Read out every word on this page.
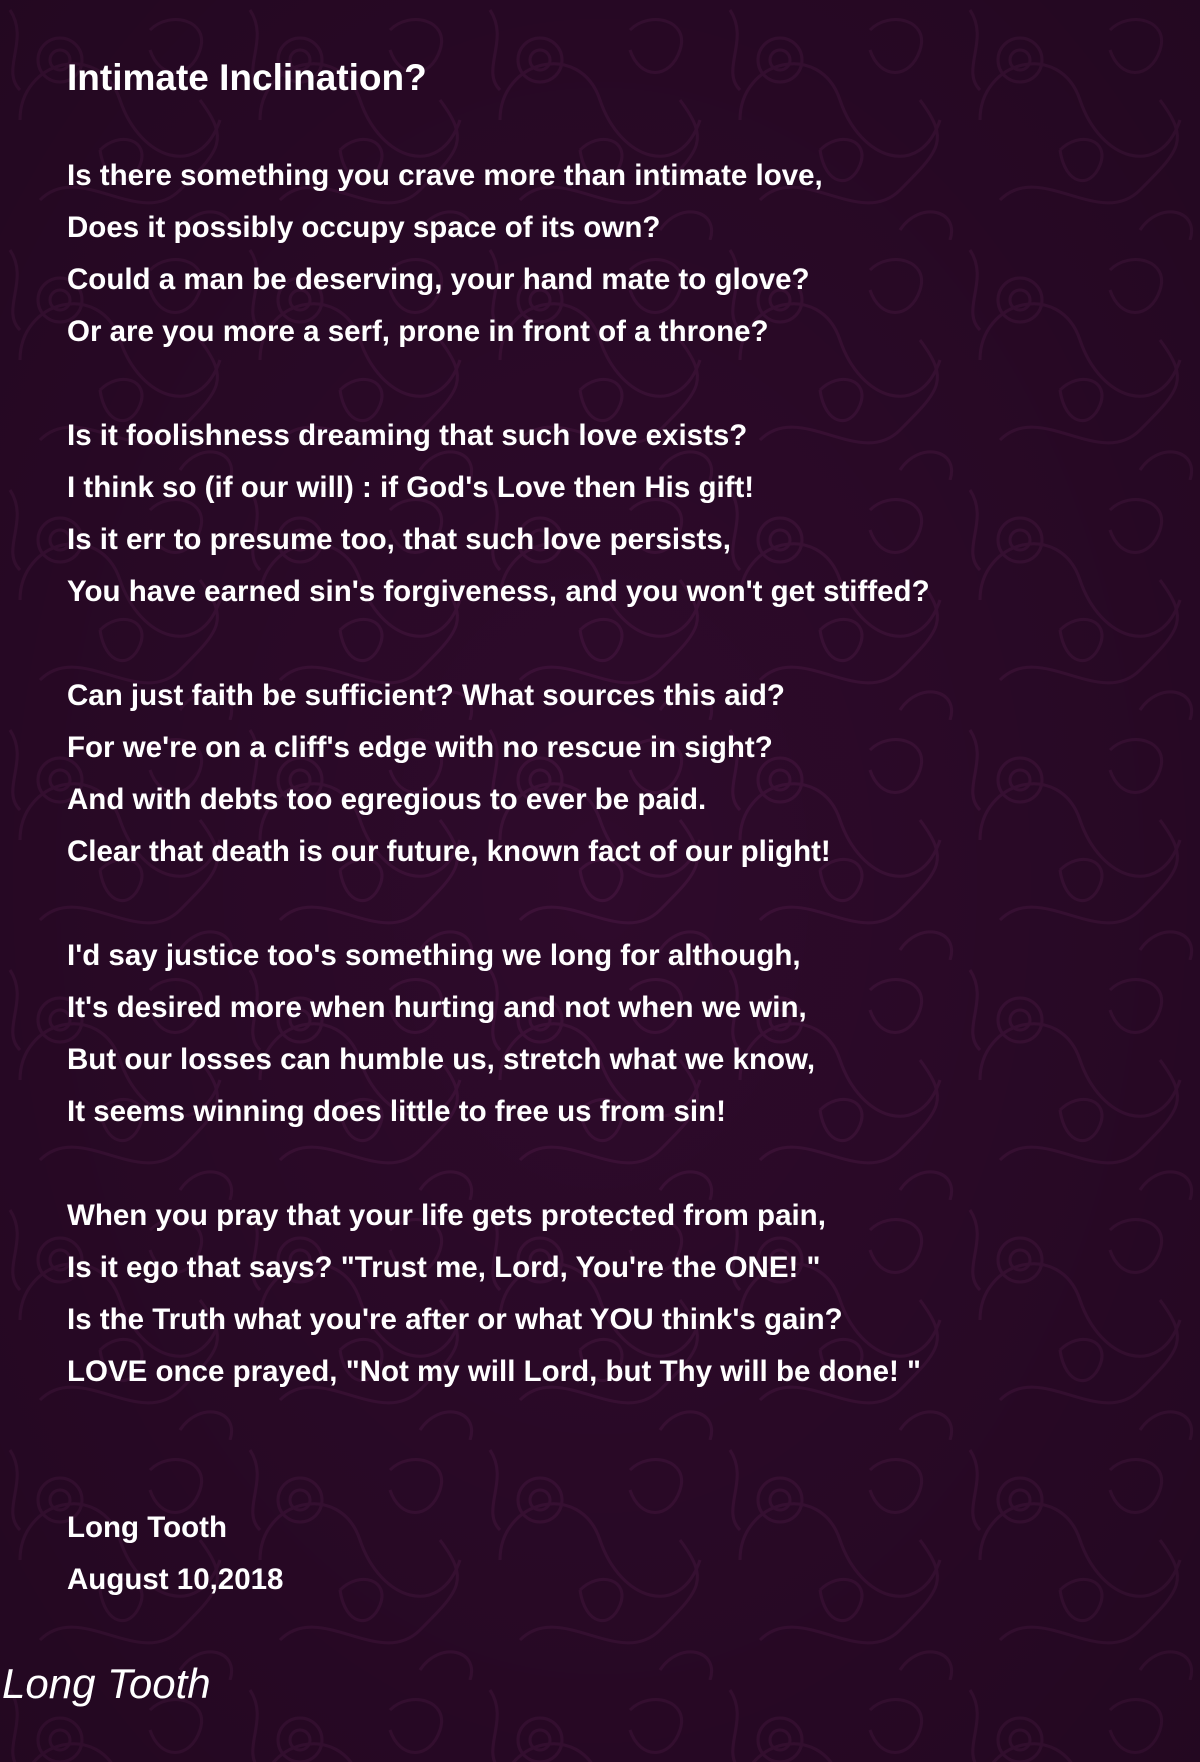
Intimate Inclination?
Is there something you crave more than intimate love,
Does it possibly occupy space of its own?
Could a man be deserving, your hand mate to glove?
Or are you more a serf, prone in front of a throne?
Is it foolishness dreaming that such love exists?
I think so (if our will) : if God's Love then His gift!
Is it err to presume too, that such love persists,
You have earned sin's forgiveness, and you won't get stiffed?
Can just faith be sufficient? What sources this aid?
For we're on a cliff's edge with no rescue in sight?
And with debts too egregious to ever be paid.
Clear that death is our future, known fact of our plight!
I'd say justice too's something we long for although,
It's desired more when hurting and not when we win,
But our losses can humble us, stretch what we know,
It seems winning does little to free us from sin!
When you pray that your life gets protected from pain,
Is it ego that says? "Trust me, Lord, You're the ONE! "
Is the Truth what you're after or what YOU think's gain?
LOVE once prayed, "Not my will Lord, but Thy will be done! "
Long Tooth
August 10,2018
Long Tooth
